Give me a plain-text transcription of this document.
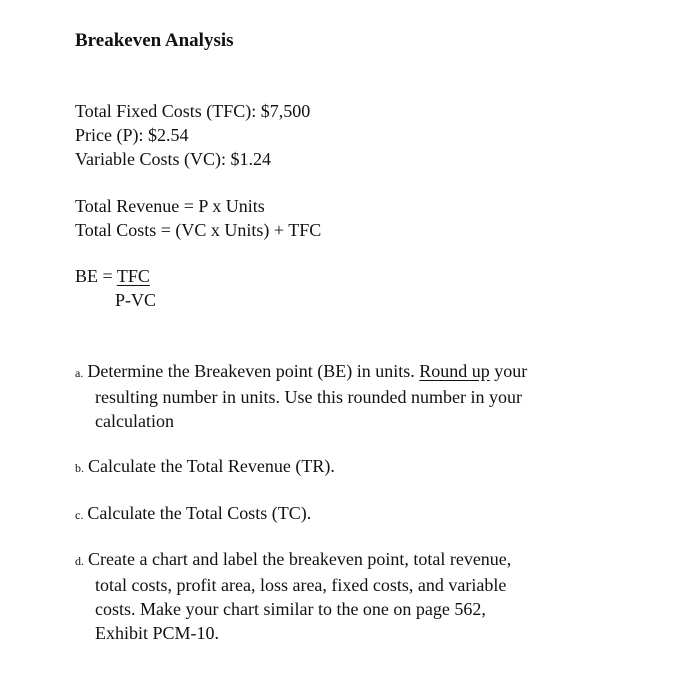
Breakeven Analysis
Total Fixed Costs (TFC): $7,500
Price (P): $2.54
Variable Costs (VC): $1.24
Total Revenue = P x Units
Total Costs = (VC x Units) + TFC
BE = TFC
P-VC
a. Determine the Breakeven point (BE) in units. Round up your
resulting number in units. Use this rounded number in your
calculation
b. Calculate the Total Revenue (TR).
c. Calculate the Total Costs (TC).
d. Create a chart and label the breakeven point, total revenue,
total costs, profit area, loss area, fixed costs, and variable
costs. Make your chart similar to the one on page 562,
Exhibit PCM-10.
